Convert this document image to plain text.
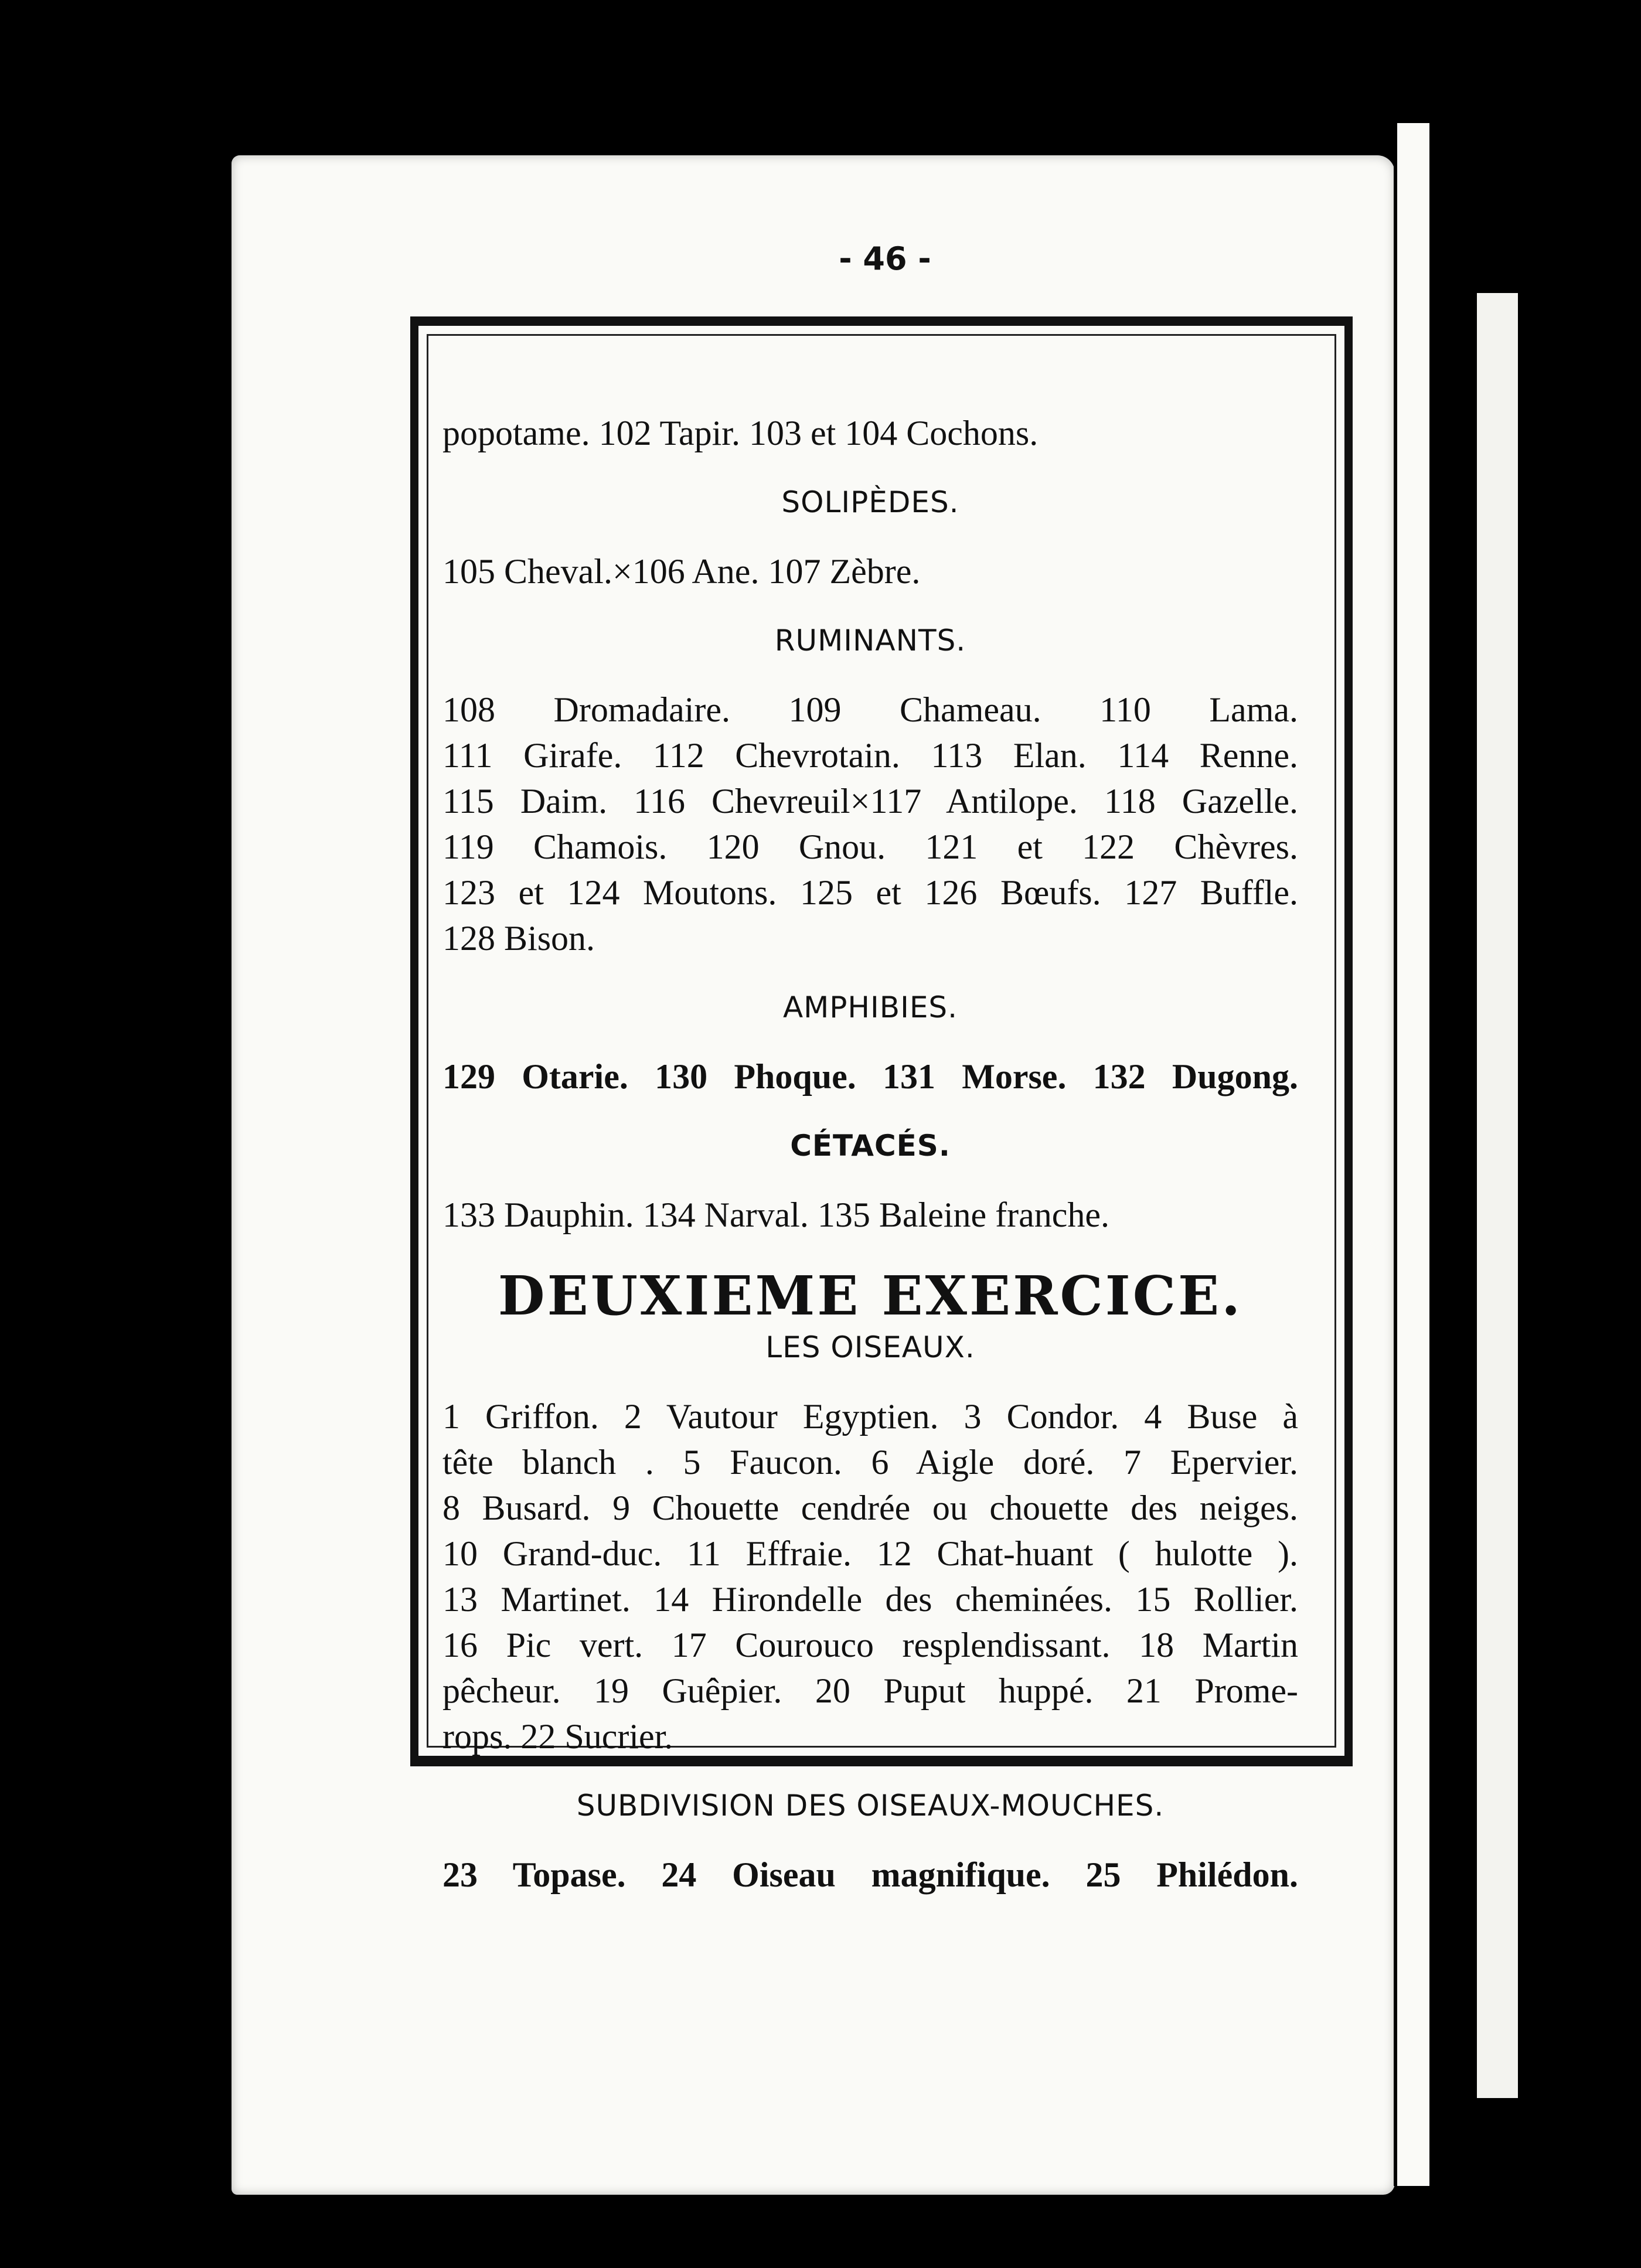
- 46 -
popotame. 102 Tapir. 103 et 104 Cochons.
SOLIPÈDES.
105 Cheval.×106 Ane. 107 Zèbre.
RUMINANTS.
108 Dromadaire. 109 Chameau. 110 Lama.
111 Girafe. 112 Chevrotain. 113 Elan. 114 Renne.
115 Daim. 116 Chevreuil×117 Antilope. 118 Gazelle.
119 Chamois. 120 Gnou. 121 et 122 Chèvres.
123 et 124 Moutons. 125 et 126 Bœufs. 127 Buffle.
128 Bison.
AMPHIBIES.
129 Otarie. 130 Phoque. 131 Morse. 132 Dugong.
CÉTACÉS.
133 Dauphin. 134 Narval. 135 Baleine franche.
DEUXIEME EXERCICE.
LES OISEAUX.
1 Griffon. 2 Vautour Egyptien. 3 Condor. 4 Buse à
tête blanch . 5 Faucon. 6 Aigle doré. 7 Epervier.
8 Busard. 9 Chouette cendrée ou chouette des neiges.
10 Grand-duc. 11 Effraie. 12 Chat-huant ( hulotte ).
13 Martinet. 14 Hirondelle des cheminées. 15 Rollier.
16 Pic vert. 17 Couroucо resplendissant. 18 Martin
pêcheur. 19 Guêpier. 20 Puput huppé. 21 Prome-
rops. 22 Sucrier.
SUBDIVISION DES OISEAUX-MOUCHES.
23 Topase. 24 Oiseau magnifique. 25 Philédon.
